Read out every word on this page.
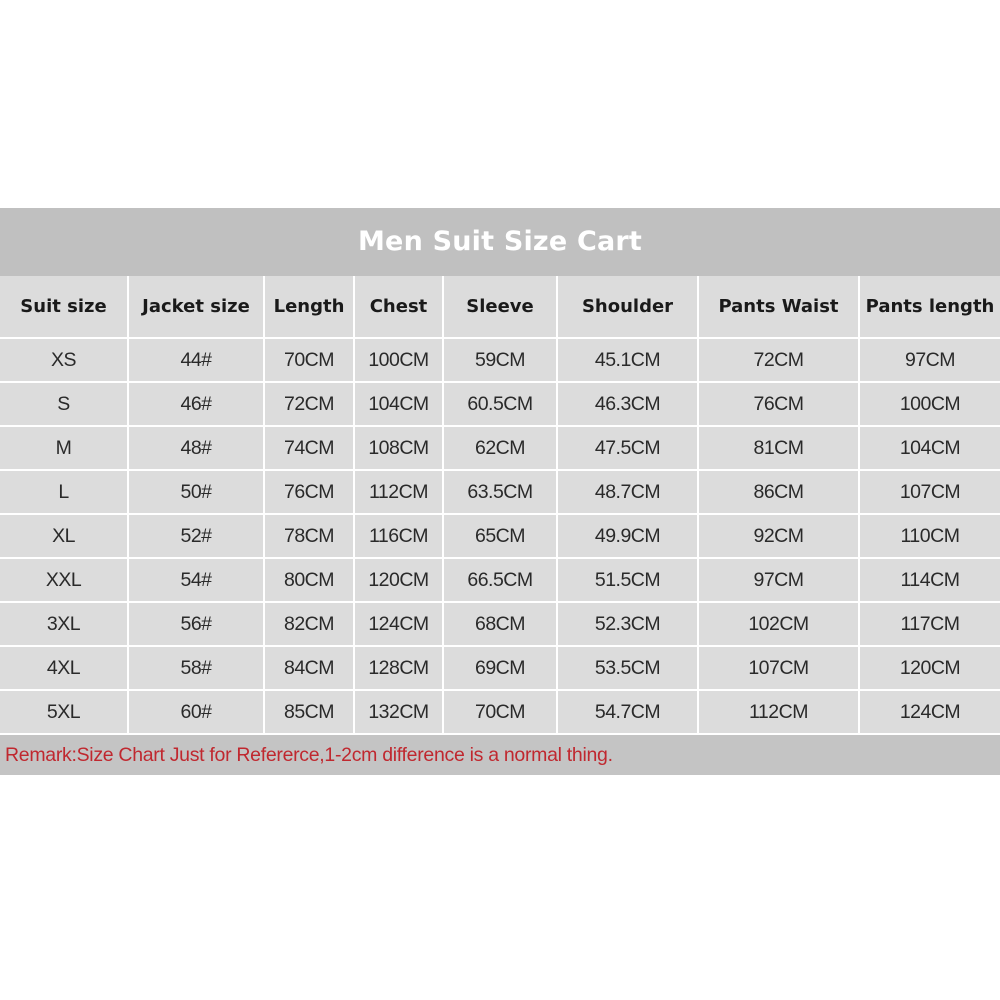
Men Suit Size Cart
Suit size	Jacket size	Length	Chest	Sleeve	Shoulder	Pants Waist	Pants length
XS	44#	70CM	100CM	59CM	45.1CM	72CM	97CM
S	46#	72CM	104CM	60.5CM	46.3CM	76CM	100CM
M	48#	74CM	108CM	62CM	47.5CM	81CM	104CM
L	50#	76CM	112CM	63.5CM	48.7CM	86CM	107CM
XL	52#	78CM	116CM	65CM	49.9CM	92CM	110CM
XXL	54#	80CM	120CM	66.5CM	51.5CM	97CM	114CM
3XL	56#	82CM	124CM	68CM	52.3CM	102CM	117CM
4XL	58#	84CM	128CM	69CM	53.5CM	107CM	120CM
5XL	60#	85CM	132CM	70CM	54.7CM	112CM	124CM
Remark:Size Chart Just for Refererce,1-2cm difference is a normal thing.
